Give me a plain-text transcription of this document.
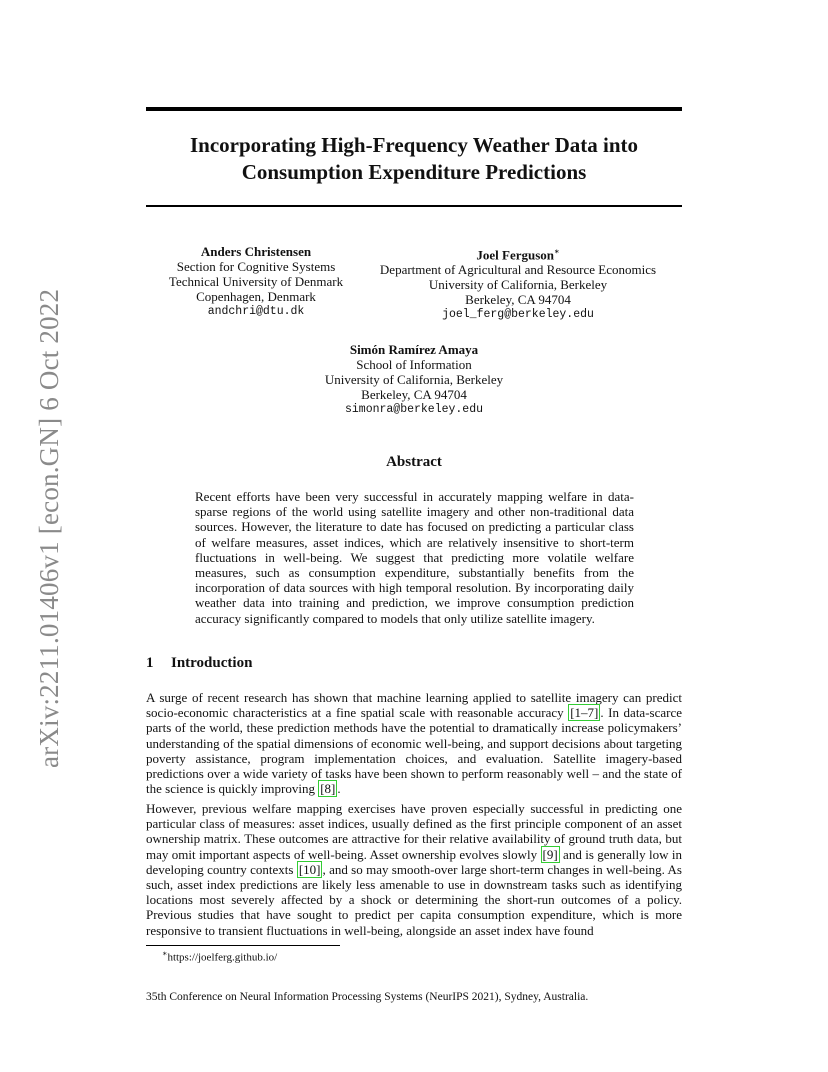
arXiv:2211.01406v1 [econ.GN] 6 Oct 2022
Incorporating High-Frequency Weather Data into
Consumption Expenditure Predictions
Anders Christensen
Section for Cognitive Systems
Technical University of Denmark
Copenhagen, Denmark
andchri@dtu.dk
Joel Ferguson∗
Department of Agricultural and Resource Economics
University of California, Berkeley
Berkeley, CA 94704
joel_ferg@berkeley.edu
Simón Ramírez Amaya
School of Information
University of California, Berkeley
Berkeley, CA 94704
simonra@berkeley.edu
Abstract
Recent efforts have been very successful in accurately mapping welfare in data-sparse regions of the world using satellite imagery and other non-traditional data sources. However, the literature to date has focused on predicting a particular class of welfare measures, asset indices, which are relatively insensitive to short-term fluctuations in well-being. We suggest that predicting more volatile welfare measures, such as consumption expenditure, substantially benefits from the incorporation of data sources with high temporal resolution. By incorporating daily weather data into training and prediction, we improve consumption prediction accuracy significantly compared to models that only utilize satellite imagery.
1 Introduction
A surge of recent research has shown that machine learning applied to satellite imagery can predict socio-economic characteristics at a fine spatial scale with reasonable accuracy [1–7] . In data-scarce parts of the world, these prediction methods have the potential to dramatically increase policymakers’ understanding of the spatial dimensions of economic well-being, and support decisions about targeting poverty assistance, program implementation choices, and evaluation. Satellite imagery-based predictions over a wide variety of tasks have been shown to perform reasonably well – and the state of the science is quickly improving [8] .
However, previous welfare mapping exercises have proven especially successful in predicting one particular class of measures: asset indices, usually defined as the first principle component of an asset ownership matrix. These outcomes are attractive for their relative availability of ground truth data, but may omit important aspects of well-being. Asset ownership evolves slowly [9] and is generally low in developing country contexts [10] , and so may smooth-over large short-term changes in well-being. As such, asset index predictions are likely less amenable to use in downstream tasks such as identifying locations most severely affected by a shock or determining the short-run outcomes of a policy. Previous studies that have sought to predict per capita consumption expenditure, which is more responsive to transient fluctuations in well-being, alongside an asset index have found
∗https://joelferg.github.io/
35th Conference on Neural Information Processing Systems (NeurIPS 2021), Sydney, Australia.
